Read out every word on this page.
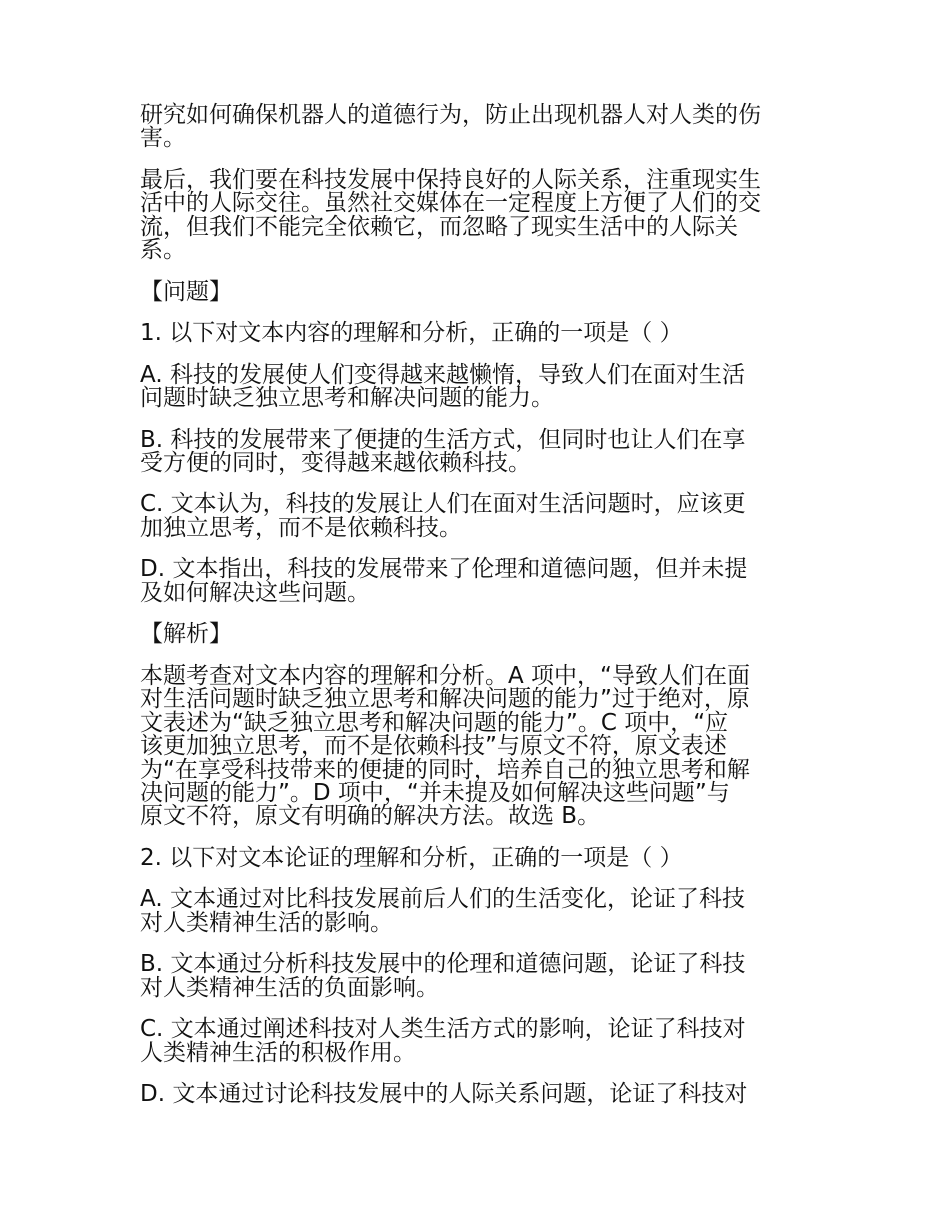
研究如何确保机器人的道德行为，防止出现机器人对人类的伤
害。
最后，我们要在科技发展中保持良好的人际关系，注重现实生
活中的人际交往。虽然社交媒体在一定程度上方便了人们的交
流，但我们不能完全依赖它，而忽略了现实生活中的人际关
系。
【问题】
1. 以下对文本内容的理解和分析，正确的一项是（ ）
A. 科技的发展使人们变得越来越懒惰，导致人们在面对生活
问题时缺乏独立思考和解决问题的能力。
B. 科技的发展带来了便捷的生活方式，但同时也让人们在享
受方便的同时，变得越来越依赖科技。
C. 文本认为，科技的发展让人们在面对生活问题时，应该更
加独立思考，而不是依赖科技。
D. 文本指出，科技的发展带来了伦理和道德问题，但并未提
及如何解决这些问题。
【解析】
本题考查对文本内容的理解和分析。A 项中，“导致人们在面
对生活问题时缺乏独立思考和解决问题的能力”过于绝对，原
文表述为“缺乏独立思考和解决问题的能力”。C 项中，“应
该更加独立思考，而不是依赖科技”与原文不符，原文表述
为“在享受科技带来的便捷的同时，培养自己的独立思考和解
决问题的能力”。D 项中，“并未提及如何解决这些问题”与
原文不符，原文有明确的解决方法。故选 B。
2. 以下对文本论证的理解和分析，正确的一项是（ ）
A. 文本通过对比科技发展前后人们的生活变化，论证了科技
对人类精神生活的影响。
B. 文本通过分析科技发展中的伦理和道德问题，论证了科技
对人类精神生活的负面影响。
C. 文本通过阐述科技对人类生活方式的影响，论证了科技对
人类精神生活的积极作用。
D. 文本通过讨论科技发展中的人际关系问题，论证了科技对
